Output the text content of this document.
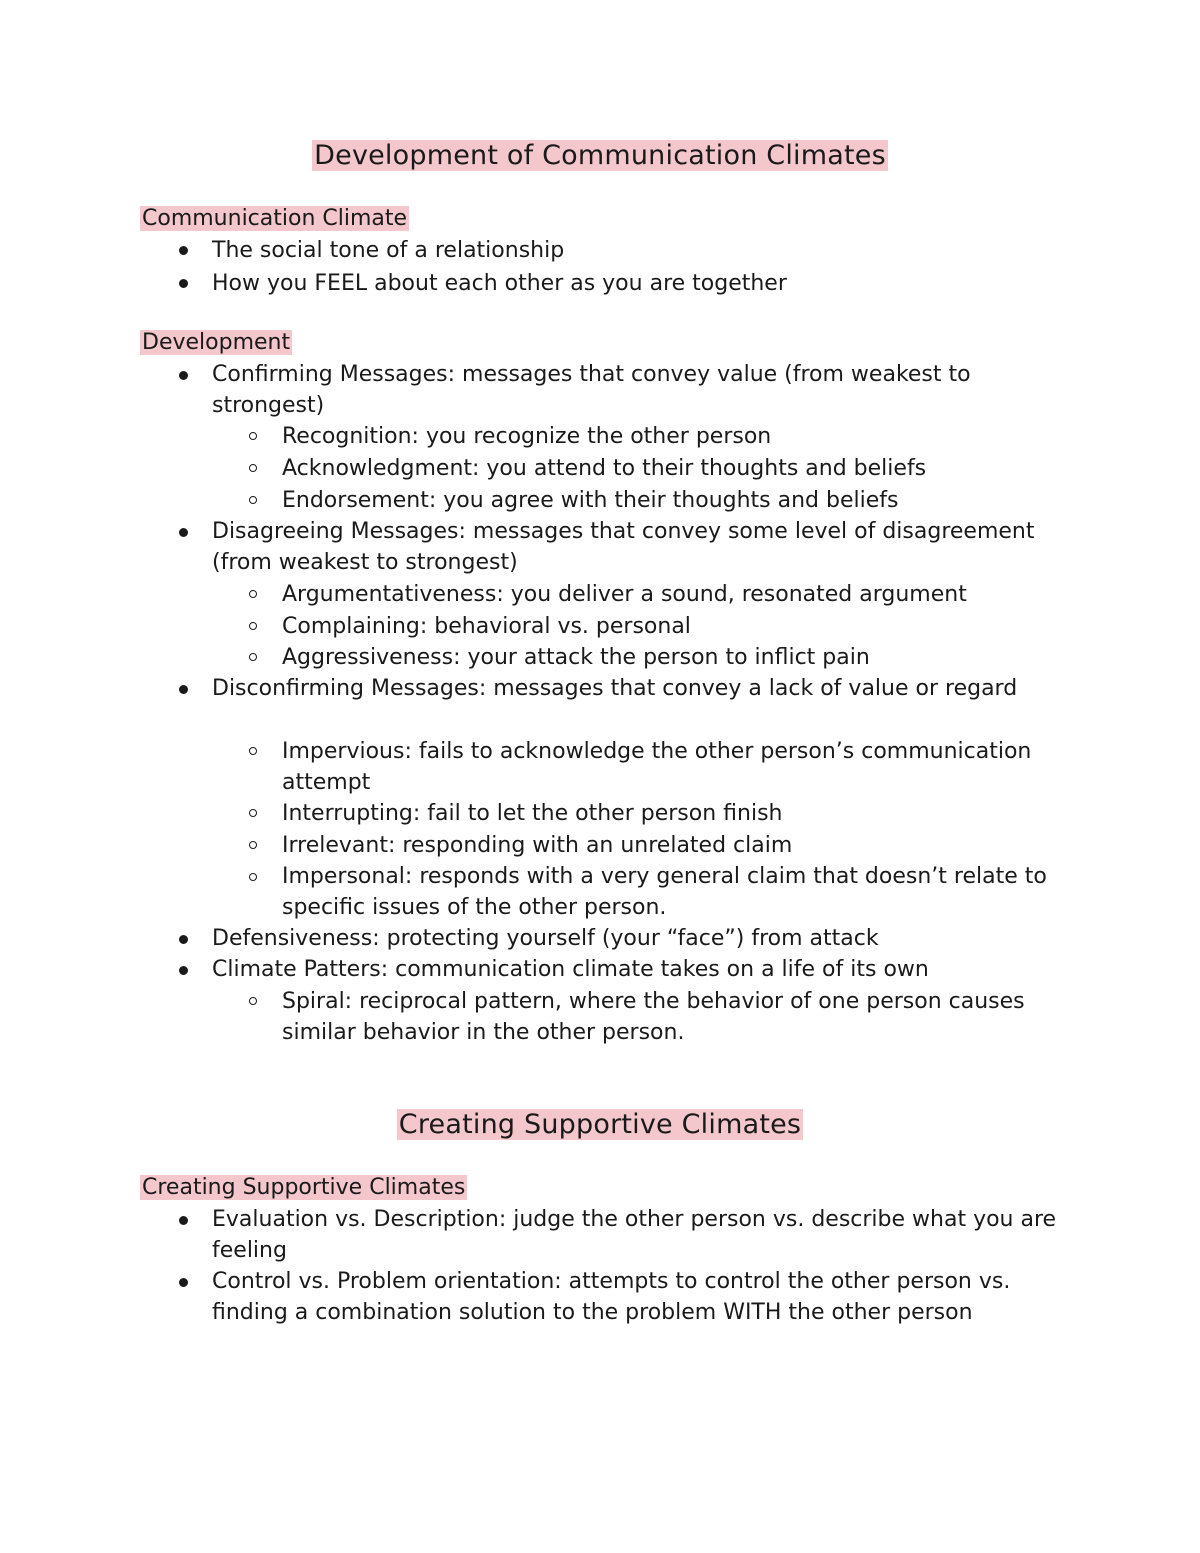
Development of Communication Climates
Communication Climate
The social tone of a relationship
How you FEEL about each other as you are together
Development
Confirming Messages: messages that convey value (from weakest to strongest)
Recognition: you recognize the other person
Acknowledgment: you attend to their thoughts and beliefs
Endorsement: you agree with their thoughts and beliefs
Disagreeing Messages: messages that convey some level of disagreement (from weakest to strongest)
Argumentativeness: you deliver a sound, resonated argument
Complaining: behavioral vs. personal
Aggressiveness: your attack the person to inflict pain
Disconfirming Messages: messages that convey a lack of value or regard
Impervious: fails to acknowledge the other person’s communication attempt
Interrupting: fail to let the other person finish
Irrelevant: responding with an unrelated claim
Impersonal: responds with a very general claim that doesn’t relate to specific issues of the other person.
Defensiveness: protecting yourself (your “face”) from attack
Climate Patters: communication climate takes on a life of its own
Spiral: reciprocal pattern, where the behavior of one person causes similar behavior in the other person.
Creating Supportive Climates
Creating Supportive Climates
Evaluation vs. Description: judge the other person vs. describe what you are feeling
Control vs. Problem orientation: attempts to control the other person vs. finding a combination solution to the problem WITH the other person
